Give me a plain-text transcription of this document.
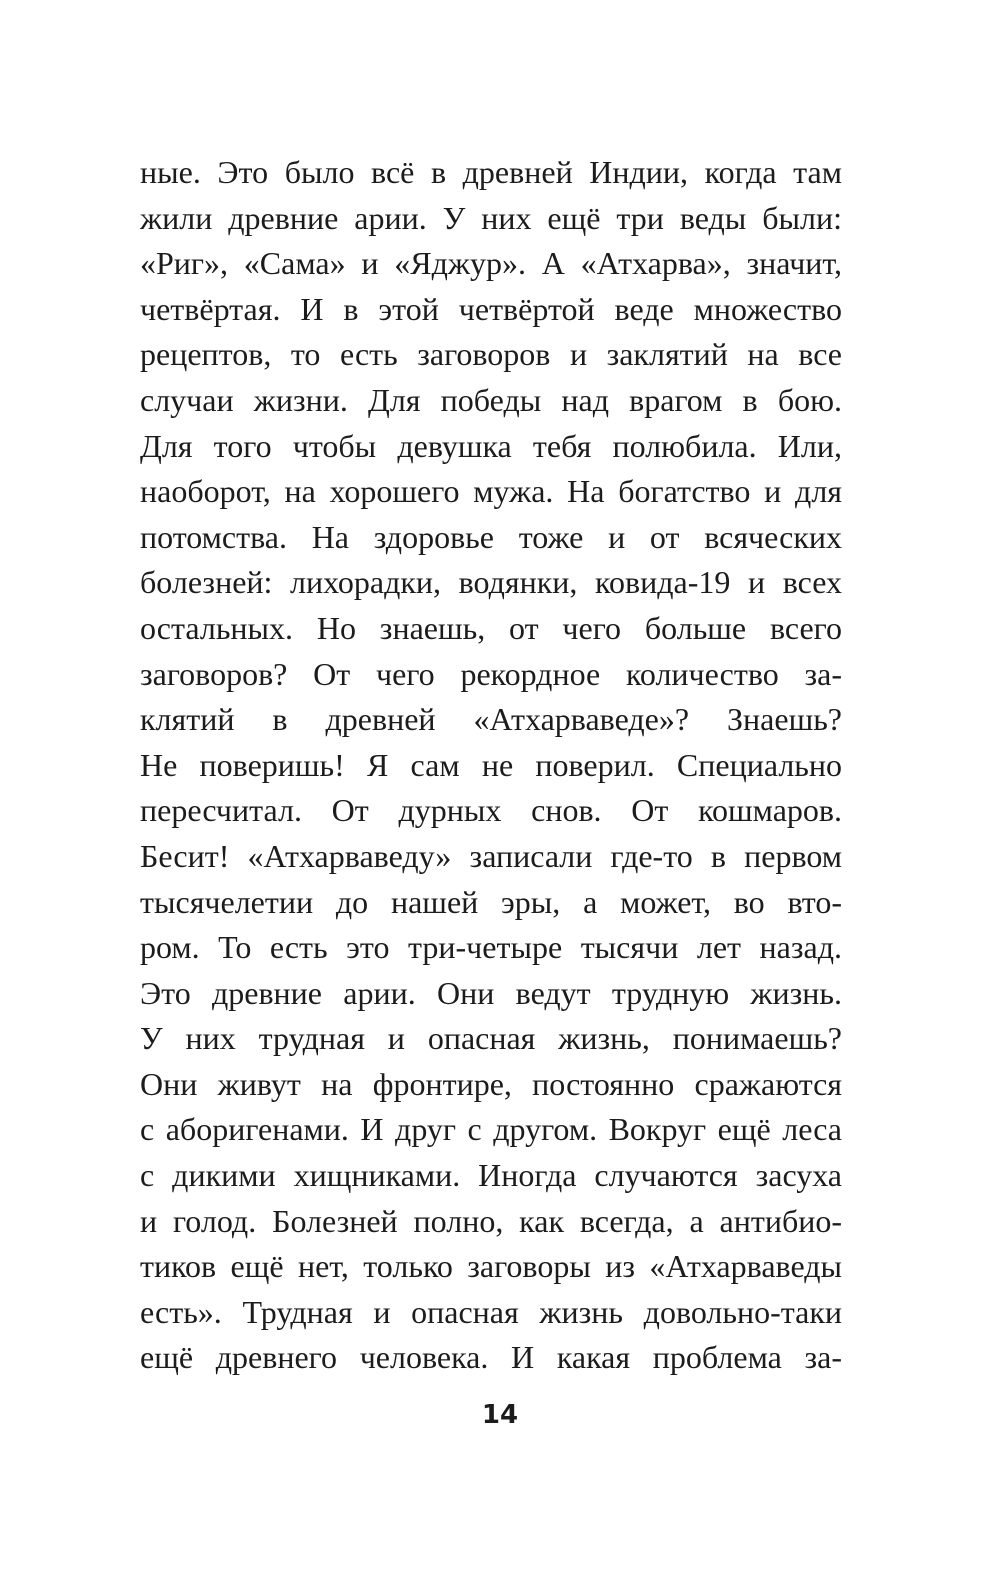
ные. Это было всё в древней Индии, когда там
жили древние арии. У них ещё три веды были:
«Риг», «Сама» и «Яджур». А «Атхарва», значит,
четвёртая. И в этой четвёртой веде множество
рецептов, то есть заговоров и заклятий на все
случаи жизни. Для победы над врагом в бою.
Для того чтобы девушка тебя полюбила. Или,
наоборот, на хорошего мужа. На богатство и для
потомства. На здоровье тоже и от всяческих
болезней: лихорадки, водянки, ковида-19 и всех
остальных. Но знаешь, от чего больше всего
заговоров? От чего рекордное количество за-
клятий в древней «Атхарваведе»? Знаешь?
Не поверишь! Я сам не поверил. Специально
пересчитал. От дурных снов. От кошмаров.
Бесит! «Атхарваведу» записали где-то в первом
тысячелетии до нашей эры, а может, во вто-
ром. То есть это три-четыре тысячи лет назад.
Это древние арии. Они ведут трудную жизнь.
У них трудная и опасная жизнь, понимаешь?
Они живут на фронтире, постоянно сражаются
с аборигенами. И друг с другом. Вокруг ещё леса
с дикими хищниками. Иногда случаются засуха
и голод. Болезней полно, как всегда, а антибио-
тиков ещё нет, только заговоры из «Атхарваведы
есть». Трудная и опасная жизнь довольно-таки
ещё древнего человека. И какая проблема за-
14
